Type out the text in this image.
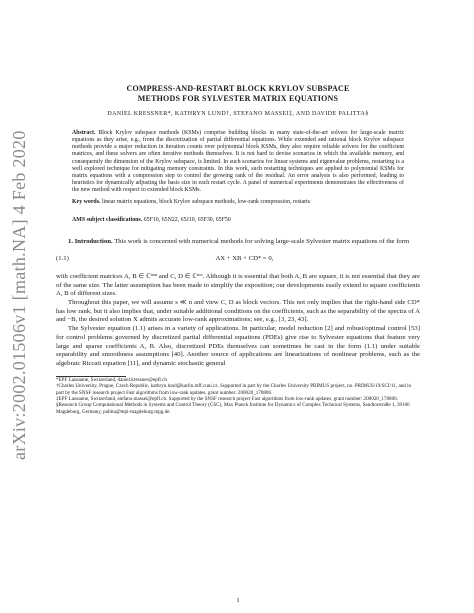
arXiv:2002.01506v1 [math.NA] 4 Feb 2020
COMPRESS-AND-RESTART BLOCK KRYLOV SUBSPACE
METHODS FOR SYLVESTER MATRIX EQUATIONS
DANIEL KRESSNER*, KATHRYN LUND†, STEFANO MASSEI‡, AND DAVIDE PALITTA§
Abstract. Block Krylov subspace methods (KSMs) comprise building blocks in many state-of-the-art solvers for large-scale matrix equations as they arise, e.g., from the discretization of partial differential equations. While extended and rational block Krylov subspace methods provide a major reduction in iteration counts over polynomial block KSMs, they also require reliable solvers for the coefficient matrices, and these solvers are often iterative methods themselves. It is not hard to devise scenarios in which the available memory, and consequently the dimension of the Krylov subspace, is limited. In such scenarios for linear systems and eigenvalue problems, restarting is a well explored technique for mitigating memory constraints. In this work, such restarting techniques are applied to polynomial KSMs for matrix equations with a compression step to control the growing rank of the residual. An error analysis is also performed, leading to heuristics for dynamically adjusting the basis size in each restart cycle. A panel of numerical experiments demonstrates the effectiveness of the new method with respect to extended block KSMs.
Key words. linear matrix equations, block Krylov subspace methods, low-rank compression, restarts
AMS subject classifications. 65F10, 65N22, 65J10, 65F30, 65F50

1. Introduction. This work is concerned with numerical methods for solving large-scale Sylvester matrix equations of the form

(1.1)	AX + XB + CD* = 0,

with coefficient matrices A, B ∈ ℂⁿˣⁿ and C, D ∈ ℂⁿˣˢ. Although it is essential that both A, B are square, it is not essential that they are of the same size. The latter assumption has been made to simplify the exposition; our developments easily extend to square coefficients A, B of different sizes.

Throughout this paper, we will assume s ≪ n and view C, D as block vectors. This not only implies that the right-hand side CD* has low rank, but it also implies that, under suitable additional conditions on the coefficients, such as the separability of the spectra of A and −B, the desired solution X admits accurate low-rank approximations; see, e.g., [3, 23, 43].

The Sylvester equation (1.1) arises in a variety of applications. In particular, model reduction [2] and robust/optimal control [53] for control problems governed by discretized partial differential equations (PDEs) give rise to Sylvester equations that feature very large and sparse coefficients A, B. Also, discretized PDEs themselves can sometimes be cast in the form (1.1) under suitable separability and smoothness assumptions [40]. Another source of applications are linearizations of nonlinear problems, such as the algebraic Riccati equation [11], and dynamic stochastic general

*EPF Lausanne, Switzerland, daniel.kressner@epfl.ch

†Charles University, Prague, Czech Republic, kathryn.lund@karlin.mff.cuni.cz. Supported in part by the Charles University PRIMUS project, no. PRIMUS/19/SCI/11, and in part by the SNSF research project Fast algorithms from low-rank updates, grant number: 200020_178806.

‡EPF Lausanne, Switzerland, stefano.massei@epfl.ch. Supported by the SNSF research project Fast algorithms from low-rank updates, grant number: 200020_178806.

§Research Group Computational Methods in Systems and Control Theory (CSC), Max Planck Institute for Dynamics of Complex Technical Systems, Sandtorstraße 1, 39106 Magdeburg, Germany, palitta@mpi-magdeburg.mpg.de.

1
